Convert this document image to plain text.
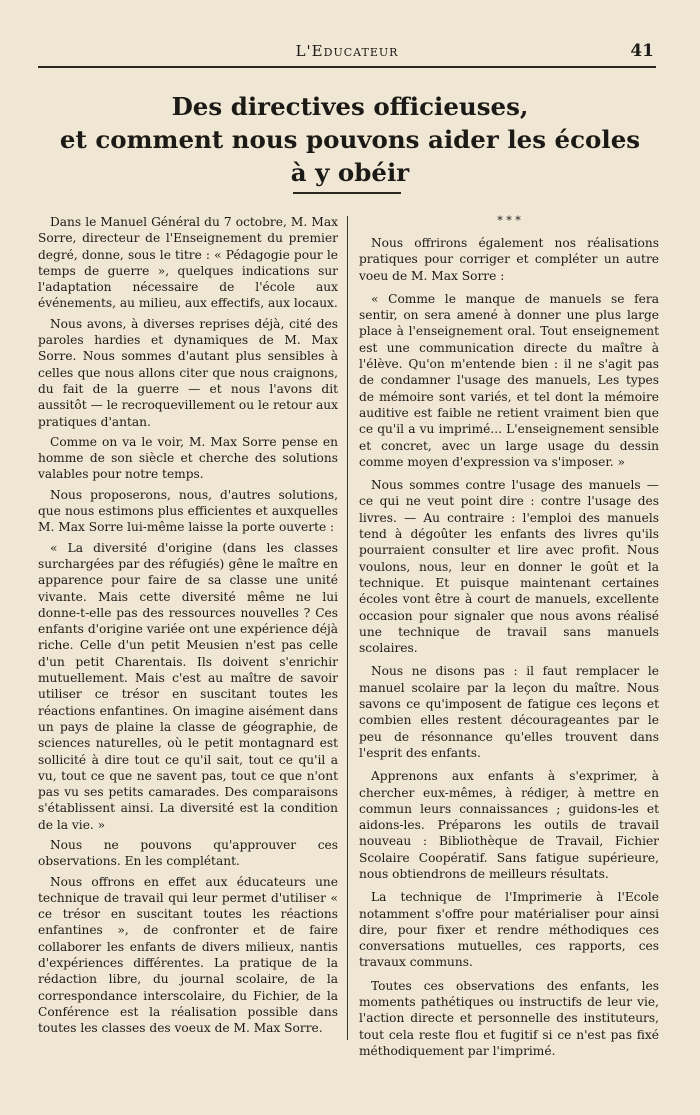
L'Educateur	41
Des directives officieuses,
et comment nous pouvons aider les écoles
à y obéir

Dans le Manuel Général du 7 octobre, M. Max Sorre, directeur de l'Enseignement du premier degré, donne, sous le titre : « Pédagogie pour le temps de guerre », quelques indications sur l'adaptation nécessaire de l'école aux événements, au milieu, aux effectifs, aux locaux.

Nous avons, à diverses reprises déjà, cité des paroles hardies et dynamiques de M. Max Sorre. Nous sommes d'autant plus sensibles à celles que nous allons citer que nous craignons, du fait de la guerre — et nous l'avons dit aussitôt — le recroquevillement ou le retour aux pratiques d'antan.

Comme on va le voir, M. Max Sorre pense en homme de son siècle et cherche des solutions valables pour notre temps.

Nous proposerons, nous, d'autres solutions, que nous estimons plus efficientes et auxquelles M. Max Sorre lui-même laisse la porte ouverte :

« La diversité d'origine (dans les classes surchargées par des réfugiés) gêne le maître en apparence pour faire de sa classe une unité vivante. Mais cette diversité même ne lui donne-t-elle pas des ressources nouvelles ? Ces enfants d'origine variée ont une expérience déjà riche. Celle d'un petit Meusien n'est pas celle d'un petit Charentais. Ils doivent s'enrichir mutuellement. Mais c'est au maître de savoir utiliser ce trésor en suscitant toutes les réactions enfantines. On imagine aisément dans un pays de plaine la classe de géographie, de sciences naturelles, où le petit montagnard est sollicité à dire tout ce qu'il sait, tout ce qu'il a vu, tout ce que ne savent pas, tout ce que n'ont pas vu ses petits camarades. Des comparaisons s'établissent ainsi. La diversité est la condition de la vie. »

Nous ne pouvons qu'approuver ces observations. En les complétant.

Nous offrons en effet aux éducateurs une technique de travail qui leur permet d'utiliser « ce trésor en suscitant toutes les réactions enfantines », de confronter et de faire collaborer les enfants de divers milieux, nantis d'expériences différentes. La pratique de la rédaction libre, du journal scolaire, de la correspondance interscolaire, du Fichier, de la Conférence est la réalisation possible dans toutes les classes des voeux de M. Max Sorre.

* * *

Nous offrirons également nos réalisations pratiques pour corriger et compléter un autre voeu de M. Max Sorre :

« Comme le manque de manuels se fera sentir, on sera amené à donner une plus large place à l'enseignement oral. Tout enseignement est une communication directe du maître à l'élève. Qu'on m'entende bien : il ne s'agit pas de condamner l'usage des manuels, Les types de mémoire sont variés, et tel dont la mémoire auditive est faible ne retient vraiment bien que ce qu'il a vu imprimé... L'enseignement sensible et concret, avec un large usage du dessin comme moyen d'expression va s'imposer. »

Nous sommes contre l'usage des manuels — ce qui ne veut point dire : contre l'usage des livres. — Au contraire : l'emploi des manuels tend à dégoûter les enfants des livres qu'ils pourraient consulter et lire avec profit. Nous voulons, nous, leur en donner le goût et la technique. Et puisque maintenant certaines écoles vont être à court de manuels, excellente occasion pour signaler que nous avons réalisé une technique de travail sans manuels scolaires.

Nous ne disons pas : il faut remplacer le manuel scolaire par la leçon du maître. Nous savons ce qu'imposent de fatigue ces leçons et combien elles restent décourageantes par le peu de résonnance qu'elles trouvent dans l'esprit des enfants.

Apprenons aux enfants à s'exprimer, à chercher eux-mêmes, à rédiger, à mettre en commun leurs connaissances ; guidons-les et aidons-les. Préparons les outils de travail nouveau : Bibliothèque de Travail, Fichier Scolaire Coopératif. Sans fatigue supérieure, nous obtiendrons de meilleurs résultats.

La technique de l'Imprimerie à l'Ecole notamment s'offre pour matérialiser pour ainsi dire, pour fixer et rendre méthodiques ces conversations mutuelles, ces rapports, ces travaux communs.

Toutes ces observations des enfants, les moments pathétiques ou instructifs de leur vie, l'action directe et personnelle des instituteurs, tout cela reste flou et fugitif si ce n'est pas fixé méthodiquement par l'imprimé.
